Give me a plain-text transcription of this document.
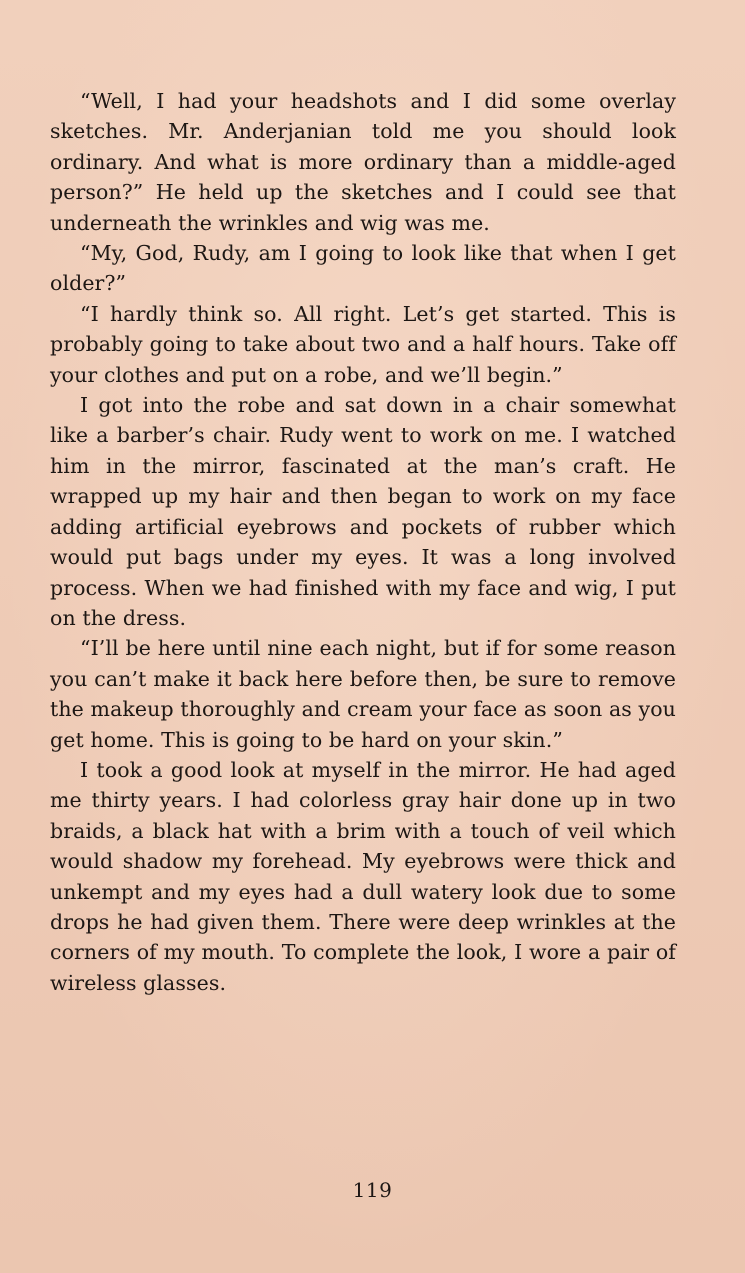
“Well, I had your headshots and I did some overlay sketches. Mr. Anderjanian told me you should look ordinary. And what is more ordinary than a middle-aged person?” He held up the sketches and I could see that underneath the wrinkles and wig was me.

“My, God, Rudy, am I going to look like that when I get older?”

“I hardly think so. All right. Let’s get started. This is probably going to take about two and a half hours. Take off your clothes and put on a robe, and we’ll begin.”

I got into the robe and sat down in a chair somewhat like a barber’s chair. Rudy went to work on me. I watched him in the mirror, fascinated at the man’s craft. He wrapped up my hair and then began to work on my face adding artificial eyebrows and pockets of rubber which would put bags under my eyes. It was a long involved process. When we had finished with my face and wig, I put on the dress.

“I’ll be here until nine each night, but if for some reason you can’t make it back here before then, be sure to remove the makeup thoroughly and cream your face as soon as you get home. This is going to be hard on your skin.”

I took a good look at myself in the mirror. He had aged me thirty years. I had colorless gray hair done up in two braids, a black hat with a brim with a touch of veil which would shadow my forehead. My eyebrows were thick and unkempt and my eyes had a dull watery look due to some drops he had given them. There were deep wrinkles at the corners of my mouth. To complete the look, I wore a pair of wireless glasses.

119
